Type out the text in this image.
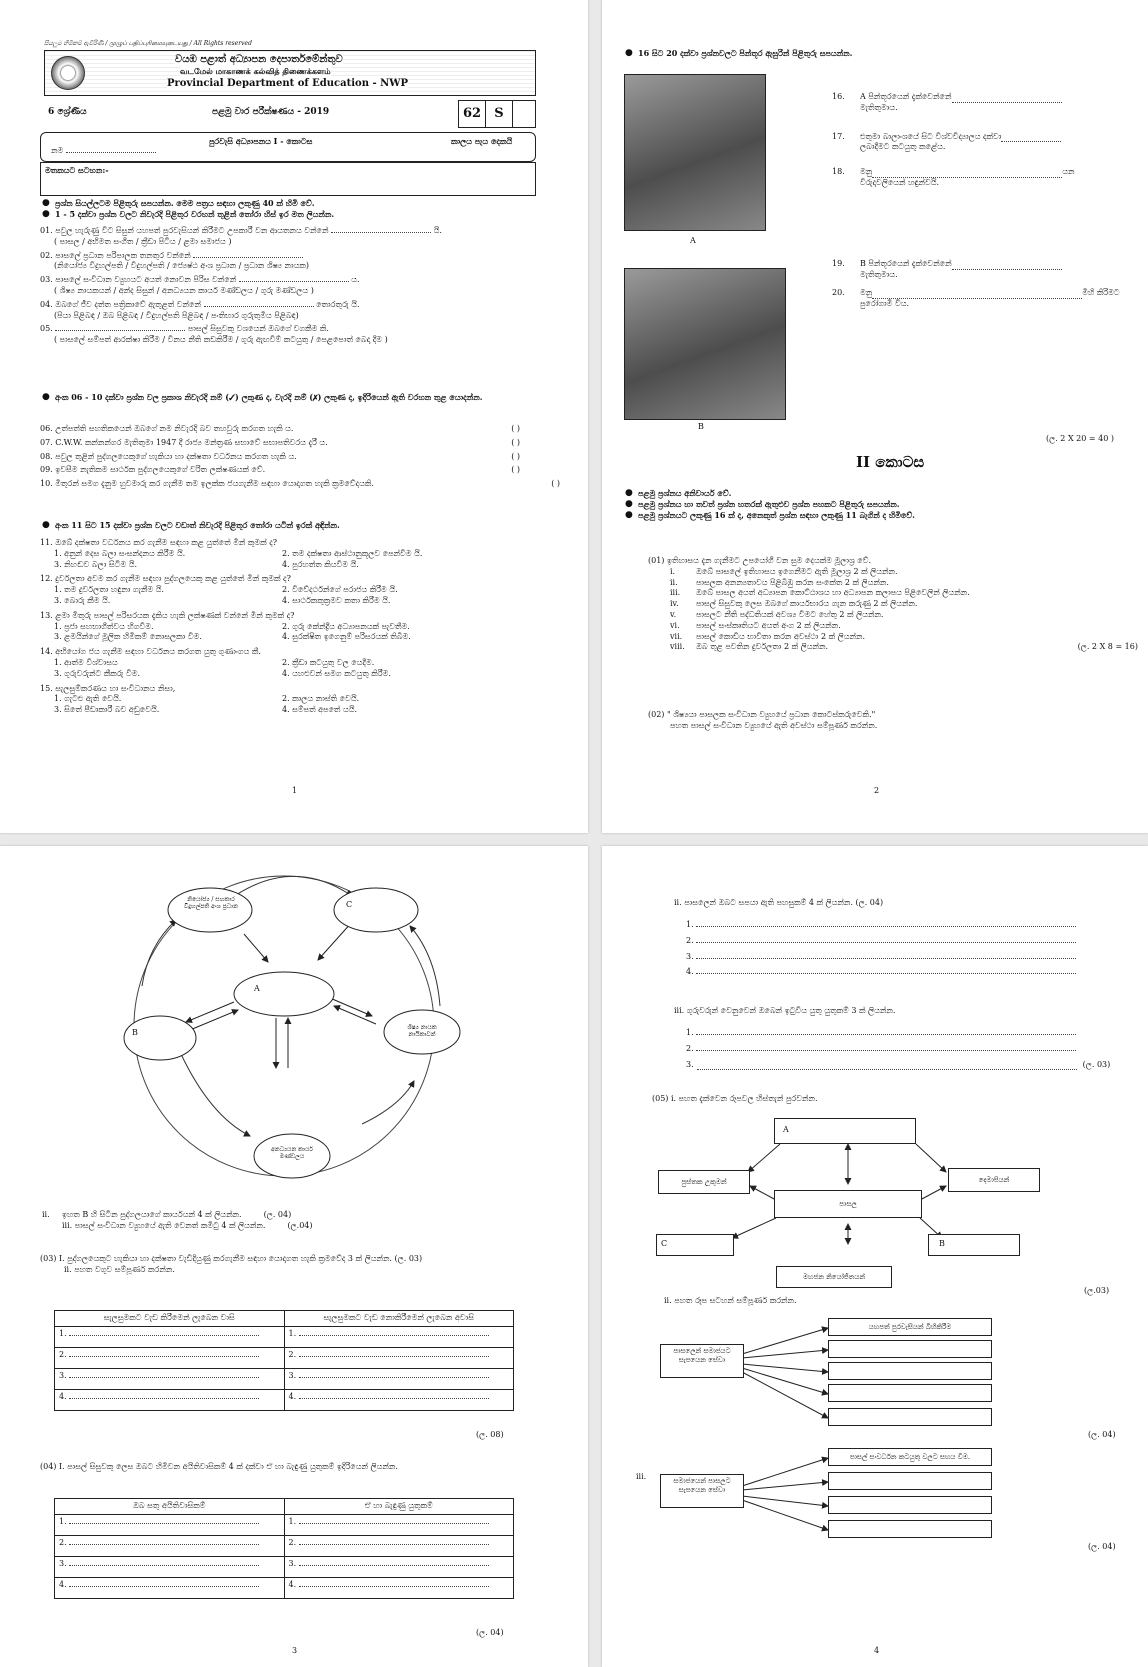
සියලුම හිමිකම් ඇවිරිණි / முழுப் பதிப்புரிமையுடையது / All Rights reserved
වයඹ පළාත් අධ්‍යාපන දෙපාර්තමේන්තුව
வடமேல் மாகாணக் கல்வித் திணைக்களம்
Provincial Department of Education - NWP
6 ශ්‍රේණිය	පළමු වාර පරීක්ෂණය - 2019	62	S
පුරවැසි අධ්‍යාපනය I - කොටස	කාලය පැය දෙකයි
නම
මතකයට සටහන:-
● ප්‍රශ්න සියල්ලටම පිළිතුරු සපයන්න. මෙම පත්‍රය සඳහා ලකුණු 40 ක් හිමි වේ.
● 1 - 5 දක්වා ප්‍රශ්න වලට නිවැරදි පිළිතුර වරහන් තුළින් තෝරා හිස් ඉර මත ලියන්න.
01. පවුල හැරුණු විට සිසුන් යහපත් පුරවැසියන් කිරීමට උපකාරී වන ආයතනය වන්නේ	යි.
( පාසල / අභිමත සංගීත / ක්‍රීඩා පිටිය / ළමා සමාජය )
02. පාසලේ ප්‍රධාන පරිපාලක තනතුර වන්නේ
(නියෝජ්‍ය විදුහල්පති / විදුහල්පති / ජ්‍යෙෂ්ඨ අංශ ප්‍රධාන / ප්‍රධාන ශිෂ්‍ය නායක)
03. පාසලේ සංවිධාන ව්‍යුහයට අයත් නොවන පිරිස වන්නේ	ය.
( ශිෂ්‍ය නායකයන් / අන්ද සිසුන් / අනධ්‍යයන කාර්ය මණ්ඩලය / ගුරු මණ්ඩලය )
04. ඔබගේ ජීව දත්ත පත්‍රිකාවේ ඇතුළත් වන්නේ	තොරතුරු යි.
(පියා පිළිබඳ / ඔබ පිළිබඳ / විදුහල්පති පිළිබඳ / පංතිභාර ගුරුතුමිය පිළිබඳ)
05.	පාසල් සිසුවකු වශයෙන් ඔබගේ වගකීම කි.
( පාසලේ සම්පත් ආරක්ෂා කිරීම / විනය නීති කඩකිරීම / ගුරු ඇඟවීම් කටයුතු / පෙළපොත් බෙදා දීම )
● අංක 06 - 10 දක්වා ප්‍රශ්න වල ප්‍රකාශ නිවැරදි නම් (✓) ලකුණ ද, වැරදි නම් (✗) ලකුණ ද, ඉදිරියෙන් ඇති වරහන තුළ යොදන්න.
06. උත්පත්ති සහතිකයෙන් ඔබගේ නම නිවැරදි බව තහවුරු කරගත හැකි ය.	( )
07. C.W.W. කන්නන්ගර මැතිතුමා 1947 දී රාජ්‍ය මන්ත්‍රණ සභාවේ සභාපතිවරය දැරී ය.	( )
08. පවුල තුළින් පුද්ගලයෙකුගේ හැකියා හා දක්ෂතා වර්ධනය කරගත හැකි ය.	( )
09. ඉවසීම නැතිකම සාර්ථක පුද්ගලයෙකුගේ වරිත ලක්ෂණයක් වේ.	( )
10. මිතුරන් සමග දැනුම හුවමාරු කර ගැනීම තම ඉලක්ක ජයගැනීම සඳහා යොදාගත හැකි ක්‍රමවේදයකි.	( )
● අංක 11 සිට 15 දක්වා ප්‍රශ්න වලට වඩාත් නිවැරදි පිළිතුර තෝරා යටින් ඉරක් අඳින්න.
11. ඔබේ දක්ෂතා වර්ධනය කර ගැනීම සඳහා කළ යුත්තේ මින් කුමක් ද?
1. අනුන් දෙස බලා සංසන්දනය කිරීම යි.	2. තම දක්ෂතා ආස්ථානුකූලව පෙන්වීම යි.
3. නිහඬව බලා සිටීම යි.	4. පුරහත්ත කියවීම යි.
12. දුර්වලතා අවම කර ගැනීම සඳහා පුද්ගලයෙකු කළ යුත්තේ මින් කුමක් ද?
1. තම දුර්වලතා හඳුනා ගැනීම යි.	2. විවේදර්ථන්ගේ පරාජය කිරීම යි.
3. බොරු කීම යි.	4. සාර්ථකකුක්‍රමව කතා කිරීම යි.
13. ළමා මිතුරු පාසල් පරිසරයක දැකිය හැකි ලක්ෂණක් වන්නේ මින් කුමක් ද?
1. ප්‍රජා සහභාගීත්වය හිගවීම.	2. ගුරු කේන්ද්‍රීය අධ්‍යාපනයක් පැවතීම.
3. ළමයින්ගේ මූලික හිමිකම් නොසලකා විම.	4. සුරක්ෂිත ඉගෙනුම් පරිසරයක් තිබීම.
14. අභියෝග ජය ගැනීම සඳහා වර්ධනය කරගත යුතු ගුණාංගය කී.
1. ආත්ම විශ්වාසය	2. ක්‍රීඩා කටයුතු වල යෙදීම.
3. ගුරුවරුන්ට කීකරු වීම.	4. යහළුවන් සමග කටයුතු කිරීම.
15. සැලසුම්කරණය හා සංවිධානය නිසා,
1. ගැටළු ඇති වෙයි.	2. කාලය නාස්ති වෙයි.
3. සිතේ පීඩාකාරී බව අඩුවෙයි.	4. සම්පත් අපතේ යයි.
1
● 16 සිට 20 දක්වා ප්‍රශ්නවලට පින්තූර ඇසුරින් පිළිතුරු සපයන්න.
A
B
16.	A පින්තූරයෙන් දැක්වෙන්නේ
මැතිතුමාය.
17.	එතුමා බාලාංශයේ සිට විශ්වවිද්‍යාලය දක්වා
ලබාදීමට කටයුතු කළේය.
18.	මනු	යන
විරුදාවලියෙන් හඳුන්වයි.
19.	B පින්තූරයෙන් දැක්වෙන්නේ
මැතිතුමාය.
20.	මනු	මිහි කිරිමට
පුරෝගාමී විය.
(ල. 2 X 20 = 40 )
II කොටස
● පළමු ප්‍රශ්නය අනිවාර්ය වේ.
● පළමු ප්‍රශ්නය හා තවත් ප්‍රශ්න හතරක් ඇතුළුව ප්‍රශ්න පහකට පිළිතුරු සපයන්න.
● පළමු ප්‍රශ්නයට ලකුණු 16 ක් ද, අනෙකුත් ප්‍රශ්න සඳහා ලකුණු 11 බැගින් ද හිමිවේ.
(01) ඉතිහාසය දැන ගැනීමට උපයෝගී වන සුම දෙයක්ම මූලාශ්‍ර වේ.
i.	ඔබේ පාසලේ ඉතිහාසය ඉගෙනීමට ඇති මූලාශ්‍ර 2 ක් ලියන්න.
ii.	පාසලක අනන්‍යතාවය පිළිබිඹු කරන සංකේත 2 ක් ලියන්න.
iii.	ඔබේ පාසල අයත් අධ්‍යාපන කොට්ඨාශය හා අධ්‍යාපන කලාපය පිළිවෙලින් ලියන්න.
iv.	පාසල් සිසුවකු ලෙස ඔබගේ කාර්යභාරය ගැන කරුණු 2 ක් ලියන්න.
v.	පාසලට නීති පද්ධතියක් අවශ්‍ය වීමට හේතු 2 ක් ලියන්න.
vi.	පාසල් සංස්කෘතියට අයත් අංග 2 ක් ලියන්න.
vii.	පාසල් කොඩිය භාවිතා කරන අවස්ථා 2 ක් ලියන්න.
viii.	ඔබ තුළ පවතින දුර්වලතා 2 ක් ලියන්න.	(ල. 2 X 8 = 16)
(02) " ශිෂ්‍යයා පාසලක සංවිධාන ව්‍යුහයේ ප්‍රධාන කොටස්කරුවෙකි."
පහත පාසල් සංවිධාන ව්‍යුහයේ ඇති අවස්ථා සම්පූර්ණ කරන්න.
2
නියෝජ්‍ය / සහකාර විදුහල්පති අංශ ප්‍රධාන	C
A
B
ශිෂ්‍ය නායක නායිකාවන්
අනධ්‍යයන කාර්ය මණ්ඩලය
ii.	ඉහත B හි සිටින පුද්ගලයාගේ කාර්යයන් 4 ක් ලියන්න.	(ල. 04)
iii. පාසල් සංවිධාන ව්‍යුහයේ ඇති වෙනත් කමිටු 4 ක් ලියන්න.	(ල.04)
(03) I. පුද්ගලයෙකුට හැකියා හා දක්ෂතා වැඩිදියුණු කරගැනීම සඳහා යොදාගත හැකි ක්‍රමවේද 3 ක් ලියන්න. (ල. 03)
ii. පහත වගුව සම්පූර්ණ කරන්න.
සැලසුමකට වැඩ කිරීමෙන් ලැබෙන වාසි	සැලසුමකට වැඩ නොකිරීමෙන් ලැබෙන අවාසි
1.	1.
2.	2.
3.	3.
4.	4.
(ල. 08)
(04) I. පාසල් සිසුවකු ලෙස ඔබට හිමිවන අයිතිවාසිකම් 4 ක් දක්වා ඒ හා බැඳුණු යුතුකම් ඉදිරියෙන් ලියන්න.
ඔබ සතු අයිතිවාසිකම්	ඒ හා බැඳුණු යුතුකම්
1.	1.
2.	2.
3.	3.
4.	4.
(ල. 04)
3
ii. පාසලෙන් ඔබට සපයා ඇති පහසුකම් 4 ක් ලියන්න. (ල. 04)
1.
2.
3.
4.
iii. ගුරුවරුන් වෙනුවෙන් ඔබෙන් ඉටුවිය යුතු යුතුකම් 3 ක් ලියන්න.
1.
2.
3.	(ල. 03)
(05) i. පහත දැක්වෙන රූපවල හිස්තැන් පුරවන්න.
A
පුස්තක උකුමන්	දෙමාපියන්
පාසල
C	B
මහජන නියෝජිතයන්
(ල.03)
ii. පහත රූප සටහන් සම්පූර්ණ කරන්න.
පාසලෙන් සමාජයට සැපයෙන සේවා
යහපත් පුරවැසියන් බිහිකිරීම
(ල. 04)
iii.	සමාජයෙන් පාසලට සැපයෙන සේවා
පාසල් සංවර්ධන කටයුතු වලට සහය වීම.
(ල. 04)
4
